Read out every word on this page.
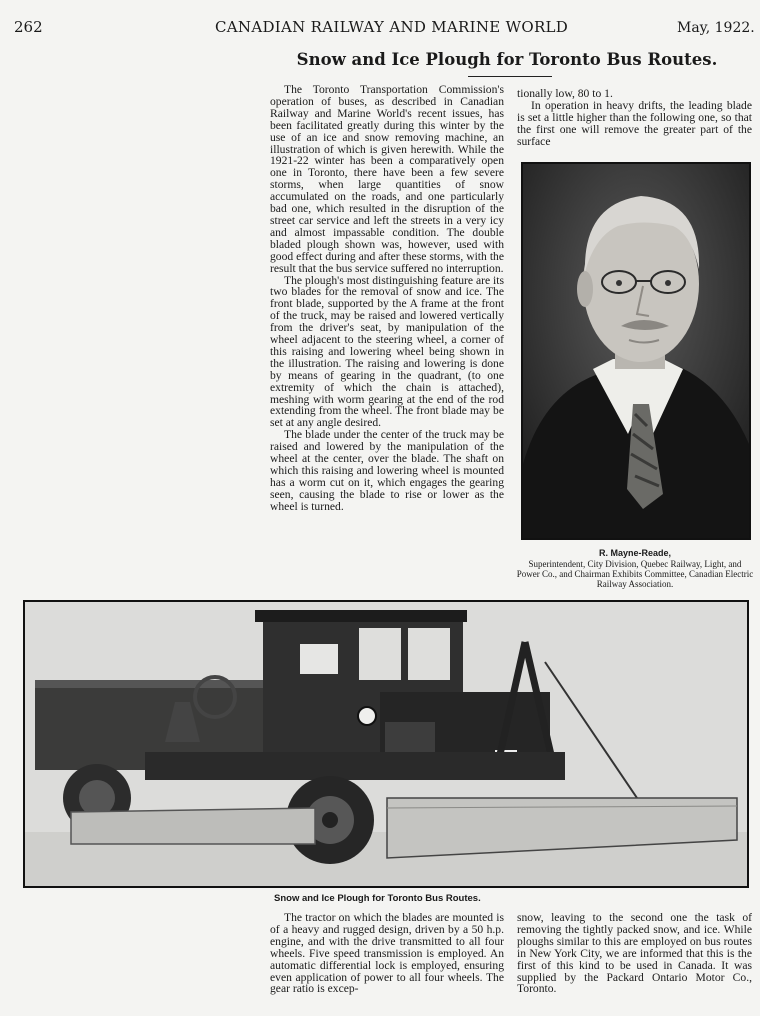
262	CANADIAN RAILWAY AND MARINE WORLD	May, 1922.
Snow and Ice Plough for Toronto Bus Routes.

The Toronto Transportation Commission's operation of buses, as described in Canadian Railway and Marine World's recent issues, has been facilitated greatly during this winter by the use of an ice and snow removing machine, an illustration of which is given herewith. While the 1921-22 winter has been a comparatively open one in Toronto, there have been a few severe storms, when large quantities of snow accumulated on the roads, and one particularly bad one, which resulted in the disruption of the street car service and left the streets in a very icy and almost impassable condition. The double bladed plough shown was, however, used with good effect during and after these storms, with the result that the bus service suffered no interruption.

The plough's most distinguishing feature are its two blades for the removal of snow and ice. The front blade, supported by the A frame at the front of the truck, may be raised and lowered vertically from the driver's seat, by manipulation of the wheel adjacent to the steering wheel, a corner of this raising and lowering wheel being shown in the illustration. The raising and lowering is done by means of gearing in the quadrant, (to one extremity of which the chain is attached), meshing with worm gearing at the end of the rod extending from the wheel. The front blade may be set at any angle desired.

The blade under the center of the truck may be raised and lowered by the manipulation of the wheel at the center, over the blade. The shaft on which this raising and lowering wheel is mounted has a worm cut on it, which engages the gearing seen, causing the blade to rise or lower as the wheel is turned.

tionally low, 80 to 1.

In operation in heavy drifts, the leading blade is set a little higher than the following one, so that the first one will remove the greater part of the surface

R. Mayne-Reade,
Superintendent, City Division, Quebec Railway, Light, and Power Co., and Chairman Exhibits Committee, Canadian Electric Railway Association.
Snow and Ice Plough for Toronto Bus Routes.

The tractor on which the blades are mounted is of a heavy and rugged design, driven by a 50 h.p. engine, and with the drive transmitted to all four wheels. Five speed transmission is employed. An automatic differential lock is employed, ensuring even application of power to all four wheels. The gear ratio is excep-

snow, leaving to the second one the task of removing the tightly packed snow, and ice. While ploughs similar to this are employed on bus routes in New York City, we are informed that this is the first of this kind to be used in Canada. It was supplied by the Packard Ontario Motor Co., Toronto.
